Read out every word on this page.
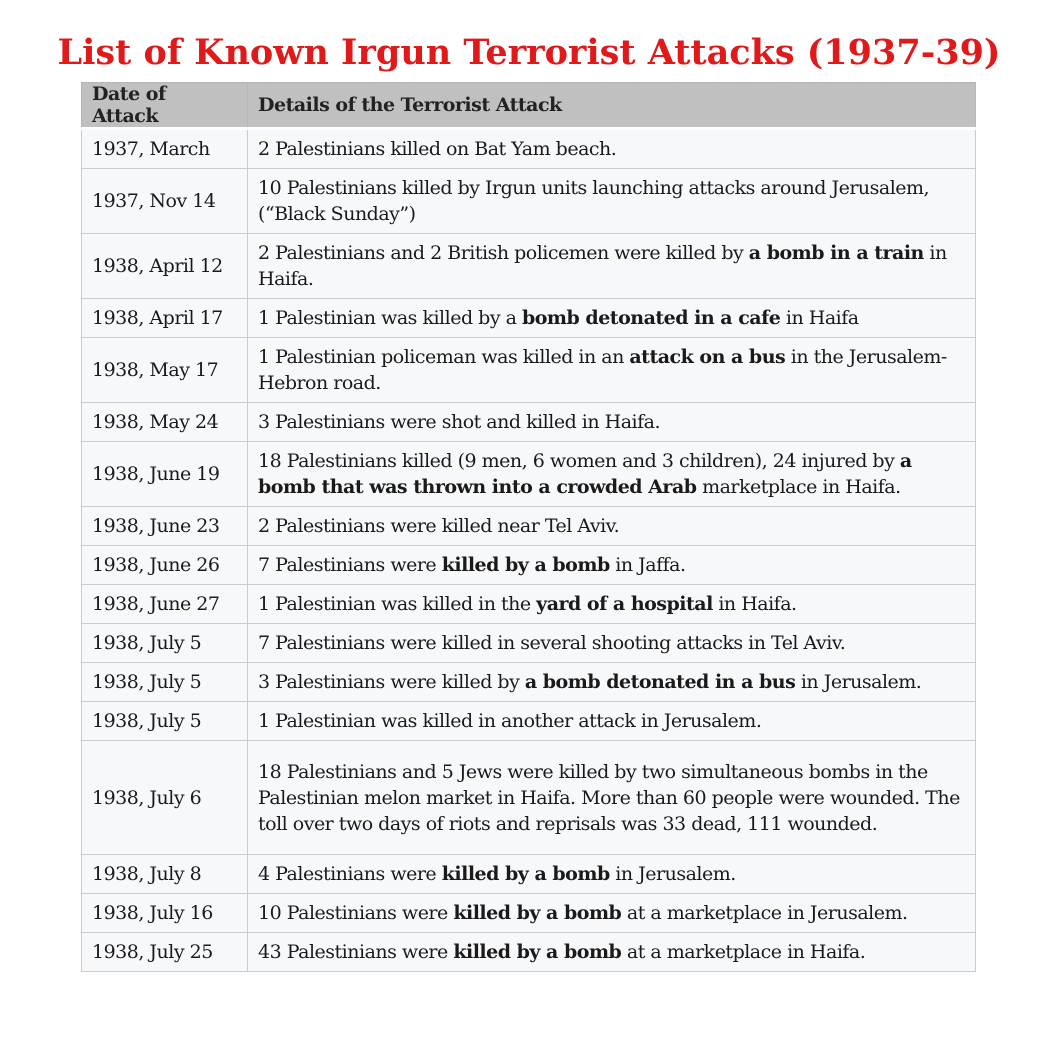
List of Known Irgun Terrorist Attacks (1937-39)
Date of Attack	Details of the Terrorist Attack
1937, March	2 Palestinians killed on Bat Yam beach.
1937, Nov 14	10 Palestinians killed by Irgun units launching attacks around Jerusalem, (“Black Sunday”)
1938, April 12	2 Palestinians and 2 British policemen were killed by a bomb in a train in Haifa.
1938, April 17	1 Palestinian was killed by a bomb detonated in a cafe in Haifa
1938, May 17	1 Palestinian policeman was killed in an attack on a bus in the Jerusalem-Hebron road.
1938, May 24	3 Palestinians were shot and killed in Haifa.
1938, June 19	18 Palestinians killed (9 men, 6 women and 3 children), 24 injured by a bomb that was thrown into a crowded Arab marketplace in Haifa.
1938, June 23	2 Palestinians were killed near Tel Aviv.
1938, June 26	7 Palestinians were killed by a bomb in Jaffa.
1938, June 27	1 Palestinian was killed in the yard of a hospital in Haifa.
1938, July 5	7 Palestinians were killed in several shooting attacks in Tel Aviv.
1938, July 5	3 Palestinians were killed by a bomb detonated in a bus in Jerusalem.
1938, July 5	1 Palestinian was killed in another attack in Jerusalem.
1938, July 6	18 Palestinians and 5 Jews were killed by two simultaneous bombs in the Palestinian melon market in Haifa. More than 60 people were wounded. The toll over two days of riots and reprisals was 33 dead, 111 wounded.
1938, July 8	4 Palestinians were killed by a bomb in Jerusalem.
1938, July 16	10 Palestinians were killed by a bomb at a marketplace in Jerusalem.
1938, July 25	43 Palestinians were killed by a bomb at a marketplace in Haifa.
